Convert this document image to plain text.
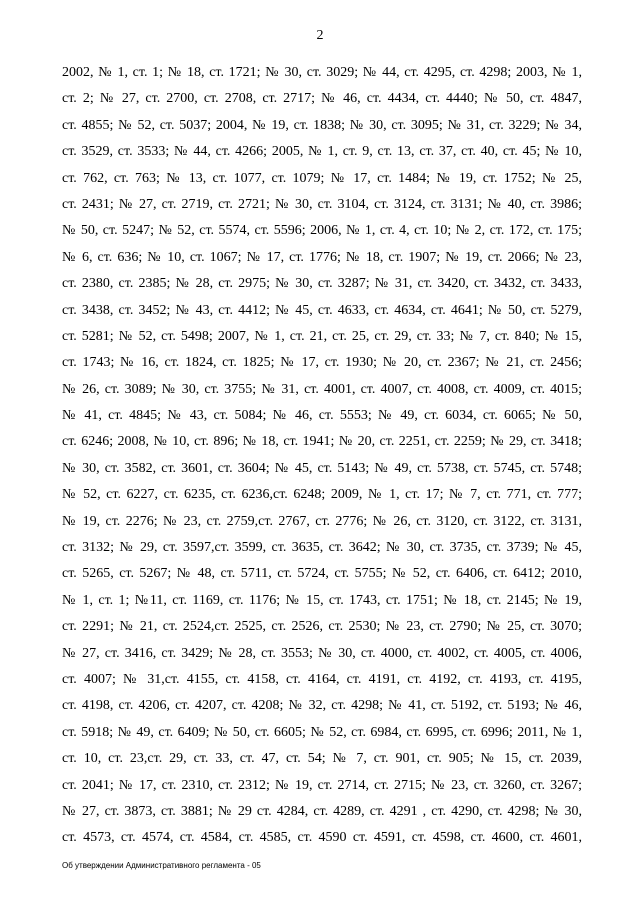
2
2002, № 1, ст. 1; № 18, ст. 1721; № 30, ст. 3029; № 44, ст. 4295, ст. 4298; 2003, № 1,
ст. 2; № 27, ст. 2700, ст. 2708, ст. 2717; № 46, ст. 4434, ст. 4440; № 50, ст. 4847,
ст. 4855; № 52, ст. 5037; 2004, № 19, ст. 1838; № 30, ст. 3095; № 31, ст. 3229; № 34,
ст. 3529, ст. 3533; № 44, ст. 4266; 2005, № 1, ст. 9, ст. 13, ст. 37, ст. 40, ст. 45; № 10,
ст. 762, ст. 763; № 13, ст. 1077, ст. 1079; № 17, ст. 1484; № 19, ст. 1752; № 25,
ст. 2431; № 27, ст. 2719, ст. 2721; № 30, ст. 3104, ст. 3124, ст. 3131; № 40, ст. 3986;
№ 50, ст. 5247; № 52, ст. 5574, ст. 5596; 2006, № 1, ст. 4, ст. 10; № 2, ст. 172, ст. 175;
№ 6, ст. 636; № 10, ст. 1067; № 17, ст. 1776; № 18, ст. 1907; № 19, ст. 2066; № 23,
ст. 2380, ст. 2385; № 28, ст. 2975; № 30, ст. 3287; № 31, ст. 3420, ст. 3432, ст. 3433,
ст. 3438, ст. 3452; № 43, ст. 4412; № 45, ст. 4633, ст. 4634, ст. 4641; № 50, ст. 5279,
ст. 5281; № 52, ст. 5498; 2007, № 1, ст. 21, ст. 25, ст. 29, ст. 33; № 7, ст. 840; № 15,
ст. 1743; № 16, ст. 1824, ст. 1825; № 17, ст. 1930; № 20, ст. 2367; № 21, ст. 2456;
№ 26, ст. 3089; № 30, ст. 3755; № 31, ст. 4001, ст. 4007, ст. 4008, ст. 4009, ст. 4015;
№ 41, ст. 4845; № 43, ст. 5084; № 46, ст. 5553; № 49, ст. 6034, ст. 6065; № 50,
ст. 6246; 2008, № 10, ст. 896; № 18, ст. 1941; № 20, ст. 2251, ст. 2259; № 29, ст. 3418;
№ 30, ст. 3582, ст. 3601, ст. 3604; № 45, ст. 5143; № 49, ст. 5738, ст. 5745, ст. 5748;
№ 52, ст. 6227, ст. 6235, ст. 6236,ст. 6248; 2009, № 1, ст. 17; № 7, ст. 771, ст. 777;
№ 19, ст. 2276; № 23, ст. 2759,ст. 2767, ст. 2776; № 26, ст. 3120, ст. 3122, ст. 3131,
ст. 3132; № 29, ст. 3597,ст. 3599, ст. 3635, ст. 3642; № 30, ст. 3735, ст. 3739; № 45,
ст. 5265, ст. 5267; № 48, ст. 5711, ст. 5724, ст. 5755; № 52, ст. 6406, ст. 6412; 2010,
№ 1, ст. 1; №11, ст. 1169, ст. 1176; № 15, ст. 1743, ст. 1751; № 18, ст. 2145; № 19,
ст. 2291; № 21, ст. 2524,ст. 2525, ст. 2526, ст. 2530; № 23, ст. 2790; № 25, ст. 3070;
№ 27, ст. 3416, ст. 3429; № 28, ст. 3553; № 30, ст. 4000, ст. 4002, ст. 4005, ст. 4006,
ст. 4007; № 31,ст. 4155, ст. 4158, ст. 4164, ст. 4191, ст. 4192, ст. 4193, ст. 4195,
ст. 4198, ст. 4206, ст. 4207, ст. 4208; № 32, ст. 4298; № 41, ст. 5192, ст. 5193; № 46,
ст. 5918; № 49, ст. 6409; № 50, ст. 6605; № 52, ст. 6984, ст. 6995, ст. 6996; 2011, № 1,
ст. 10, ст. 23,ст. 29, ст. 33, ст. 47, ст. 54; № 7, ст. 901, ст. 905; № 15, ст. 2039,
ст. 2041; № 17, ст. 2310, ст. 2312; № 19, ст. 2714, ст. 2715; № 23, ст. 3260, ст. 3267;
№ 27, ст. 3873, ст. 3881; № 29 ст. 4284, ст. 4289, ст. 4291 , ст. 4290, ст. 4298; № 30,
ст. 4573, ст. 4574, ст. 4584, ст. 4585, ст. 4590 ст. 4591, ст. 4598, ст. 4600, ст. 4601,
Об утверждении Административного регламента - 05
